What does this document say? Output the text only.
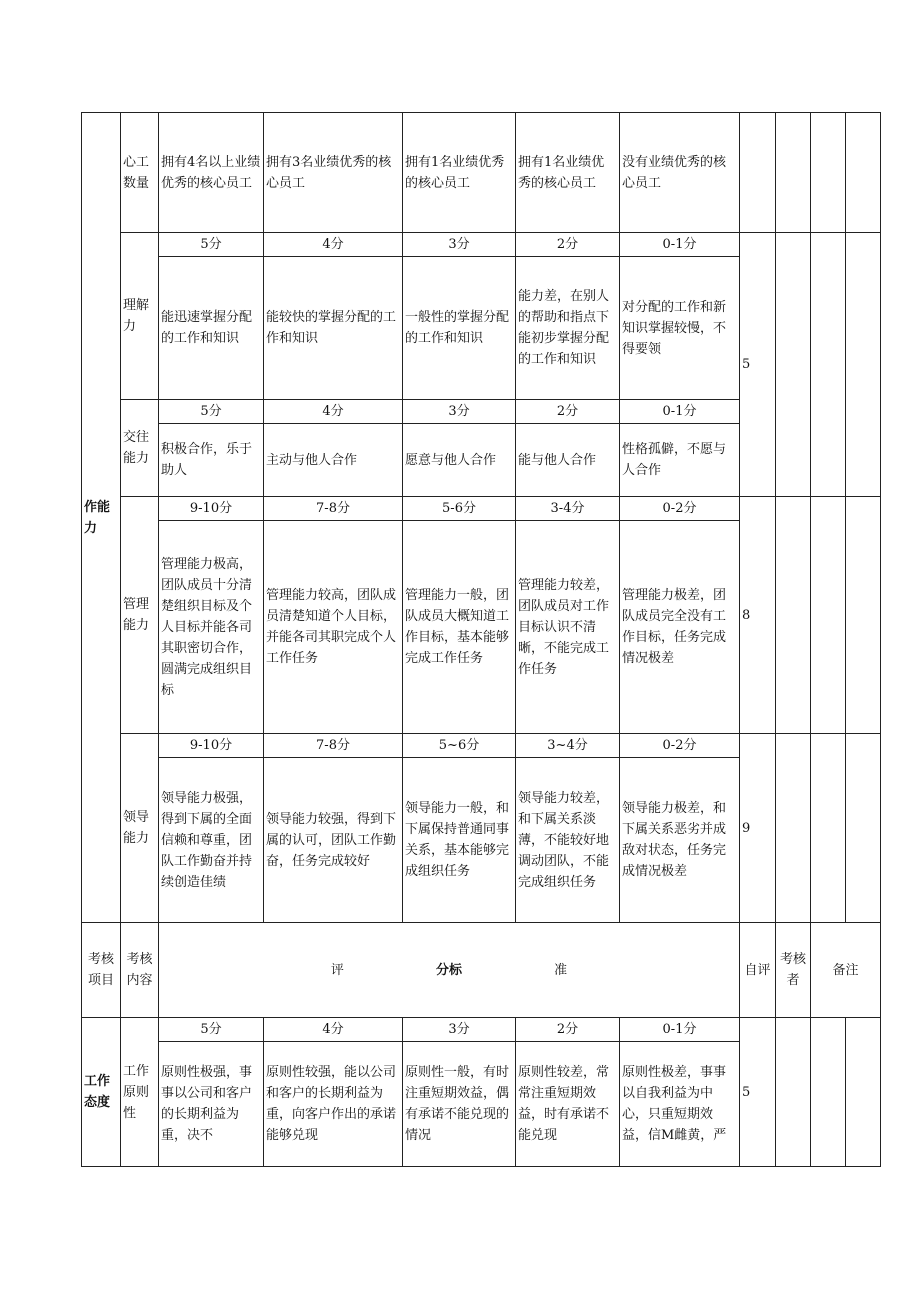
作能力	心工数量	拥有4名以上业绩优秀的核心员工	拥有3名业绩优秀的核心员工	拥有1名业绩优秀的核心员工	拥有1名业绩优秀的核心员工	没有业绩优秀的核心员工				
	理解力	5分	4分	3分	2分	0-1分	5			
		能迅速掌握分配的工作和知识	能较快的掌握分配的工作和知识	一般性的掌握分配的工作和知识	能力差，在别人的帮助和指点下能初步掌握分配的工作和知识	对分配的工作和新知识掌握较慢，不得要领				
	交往能力	5分	4分	3分	2分	0-1分				
		积极合作，乐于助人	主动与他人合作	愿意与他人合作	能与他人合作	性格孤僻，不愿与人合作				
	管理能力	9-10分	7-8分	5-6分	3-4分	0-2分	8			
		管理能力极高，团队成员十分清楚组织目标及个人目标并能各司其职密切合作，圆满完成组织目标	管理能力较高，团队成员清楚知道个人目标，并能各司其职完成个人工作任务	管理能力一般，团队成员大概知道工作目标，基本能够完成工作任务	管理能力较差，团队成员对工作目标认识不清晰，不能完成工作任务	管理能力极差，团队成员完全没有工作目标，任务完成情况极差				
	领导能力	9-10分	7-8分	5~6分	3~4分	0-2分	9			
		领导能力极强，得到下属的全面信赖和尊重，团队工作勤奋并持续创造佳绩	领导能力较强，得到下属的认可，团队工作勤奋，任务完成较好	领导能力一般，和下属保持普通同事关系，基本能够完成组织任务	领导能力较差，和下属关系淡薄，不能较好地调动团队，不能完成组织任务	领导能力极差，和下属关系恶劣并成敌对状态，任务完成情况极差				
考核项目	考核内容	评 分标 准					自评	考核者	备注	
工作态度	工作原则性	5分	4分	3分	2分	0-1分	5			
		原则性极强，事事以公司和客户的长期利益为重，决不	原则性较强，能以公司和客户的长期利益为重，向客户作出的承诺能够兑现	原则性一般，有时注重短期效益，偶有承诺不能兑现的情况	原则性较差，常常注重短期效益，时有承诺不能兑现	原则性极差，事事以自我利益为中心，只重短期效益，信M雌黄，严				
